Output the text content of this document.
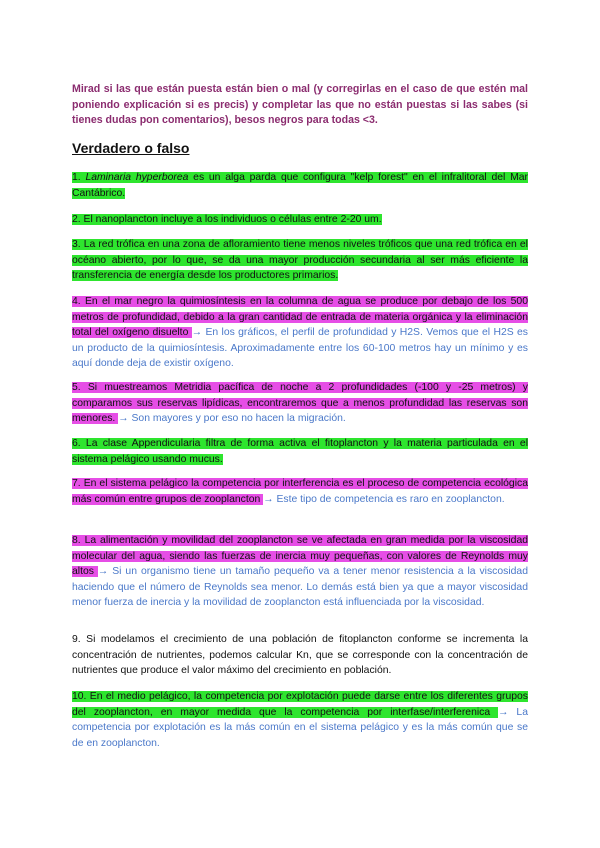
Mirad si las que están puesta están bien o mal (y corregirlas en el caso de que estén mal poniendo explicación si es precis) y completar las que no están puestas si las sabes (si tienes dudas pon comentarios), besos negros para todas <3.
Verdadero o falso
1. Laminaria hyperborea es un alga parda que configura "kelp forest" en el infralitoral del Mar Cantábrico.
2. El nanoplancton incluye a los individuos o células entre 2-20 um.
3. La red trófica en una zona de afloramiento tiene menos niveles tróficos que una red trófica en el océano abierto, por lo que, se da una mayor producción secundaria al ser más eficiente la transferencia de energía desde los productores primarios.
4. En el mar negro la quimiosíntesis en la columna de agua se produce por debajo de los 500 metros de profundidad, debido a la gran cantidad de entrada de materia orgánica y la eliminación total del oxígeno disuelto → En los gráficos, el perfil de profundidad y H2S. Vemos que el H2S es un producto de la quimiosíntesis. Aproximadamente entre los 60-100 metros hay un mínimo y es aquí donde deja de existir oxígeno.
5. Si muestreamos Metridia pacífica de noche a 2 profundidades (-100 y -25 metros) y comparamos sus reservas lipídicas, encontraremos que a menos profundidad las reservas son menores. → Son mayores y por eso no hacen la migración.
6. La clase Appendicularia filtra de forma activa el fitoplancton y la materia particulada en el sistema pelágico usando mucus.
7. En el sistema pelágico la competencia por interferencia es el proceso de competencia ecológica más común entre grupos de zooplancton → Este tipo de competencia es raro en zooplancton.
8. La alimentación y movilidad del zooplancton se ve afectada en gran medida por la viscosidad molecular del agua, siendo las fuerzas de inercia muy pequeñas, con valores de Reynolds muy altos → Si un organismo tiene un tamaño pequeño va a tener menor resistencia a la viscosidad haciendo que el número de Reynolds sea menor. Lo demás está bien ya que a mayor viscosidad menor fuerza de inercia y la movilidad de zooplancton está influenciada por la viscosidad.
9. Si modelamos el crecimiento de una población de fitoplancton conforme se incrementa la concentración de nutrientes, podemos calcular Kn, que se corresponde con la concentración de nutrientes que produce el valor máximo del crecimiento en población.
10. En el medio pelágico, la competencia por explotación puede darse entre los diferentes grupos del zooplancton, en mayor medida que la competencia por interfase/interferenica → La competencia por explotación es la más común en el sistema pelágico y es la más común que se de en zooplancton.
